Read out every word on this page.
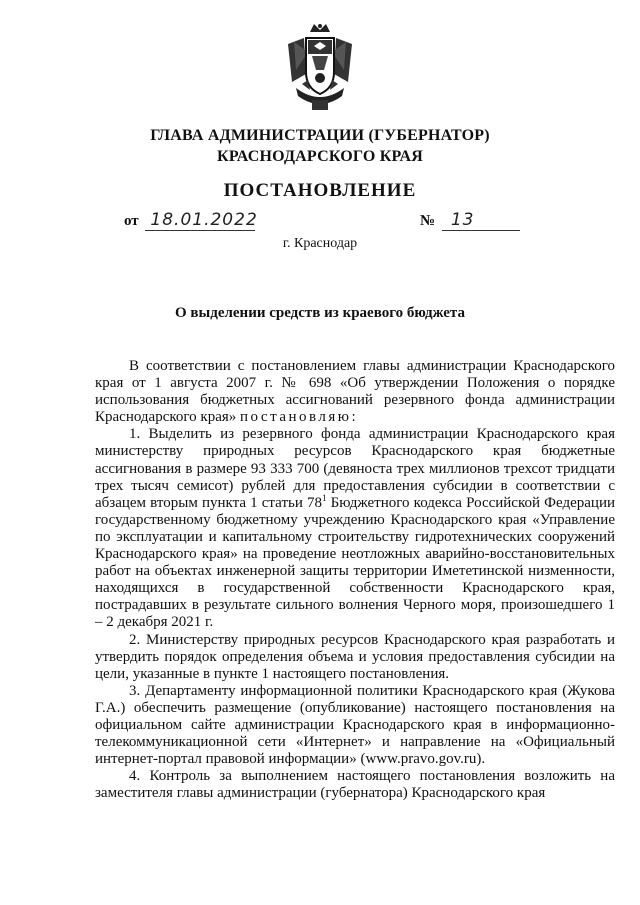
ГЛАВА АДМИНИСТРАЦИИ (ГУБЕРНАТОР)
КРАСНОДАРСКОГО КРАЯ
ПОСТАНОВЛЕНИЕ
от 18.01.2022	№ 13
г. Краснодар
О выделении средств из краевого бюджета

В соответствии с постановлением главы администрации Краснодарского края от 1 августа 2007 г. № 698 «Об утверждении Положения о порядке использования бюджетных ассигнований резервного фонда администрации Краснодарского края» постановляю:

1. Выделить из резервного фонда администрации Краснодарского края министерству природных ресурсов Краснодарского края бюджетные ассигнования в размере 93 333 700 (девяноста трех миллионов трехсот тридцати трех тысяч семисот) рублей для предоставления субсидии в соответствии с абзацем вторым пункта 1 статьи $78^1$ Бюджетного кодекса Российской Федерации государственному бюджетному учреждению Краснодарского края «Управление по эксплуатации и капитальному строительству гидротехнических сооружений Краснодарского края» на проведение неотложных аварийно-восстановительных работ на объектах инженерной защиты территории Имететинской низменности, находящихся в государственной собственности Краснодарского края, пострадавших в результате сильного волнения Черного моря, произошедшего 1 – 2 декабря 2021 г.

2. Министерству природных ресурсов Краснодарского края разработать и утвердить порядок определения объема и условия предоставления субсидии на цели, указанные в пункте 1 настоящего постановления.

3. Департаменту информационной политики Краснодарского края (Жукова Г.А.) обеспечить размещение (опубликование) настоящего постановления на официальном сайте администрации Краснодарского края в информационно-телекоммуникационной сети «Интернет» и направление на «Официальный интернет-портал правовой информации» (www.pravo.gov.ru).

4. Контроль за выполнением настоящего постановления возложить на заместителя главы администрации (губернатора) Краснодарского края
